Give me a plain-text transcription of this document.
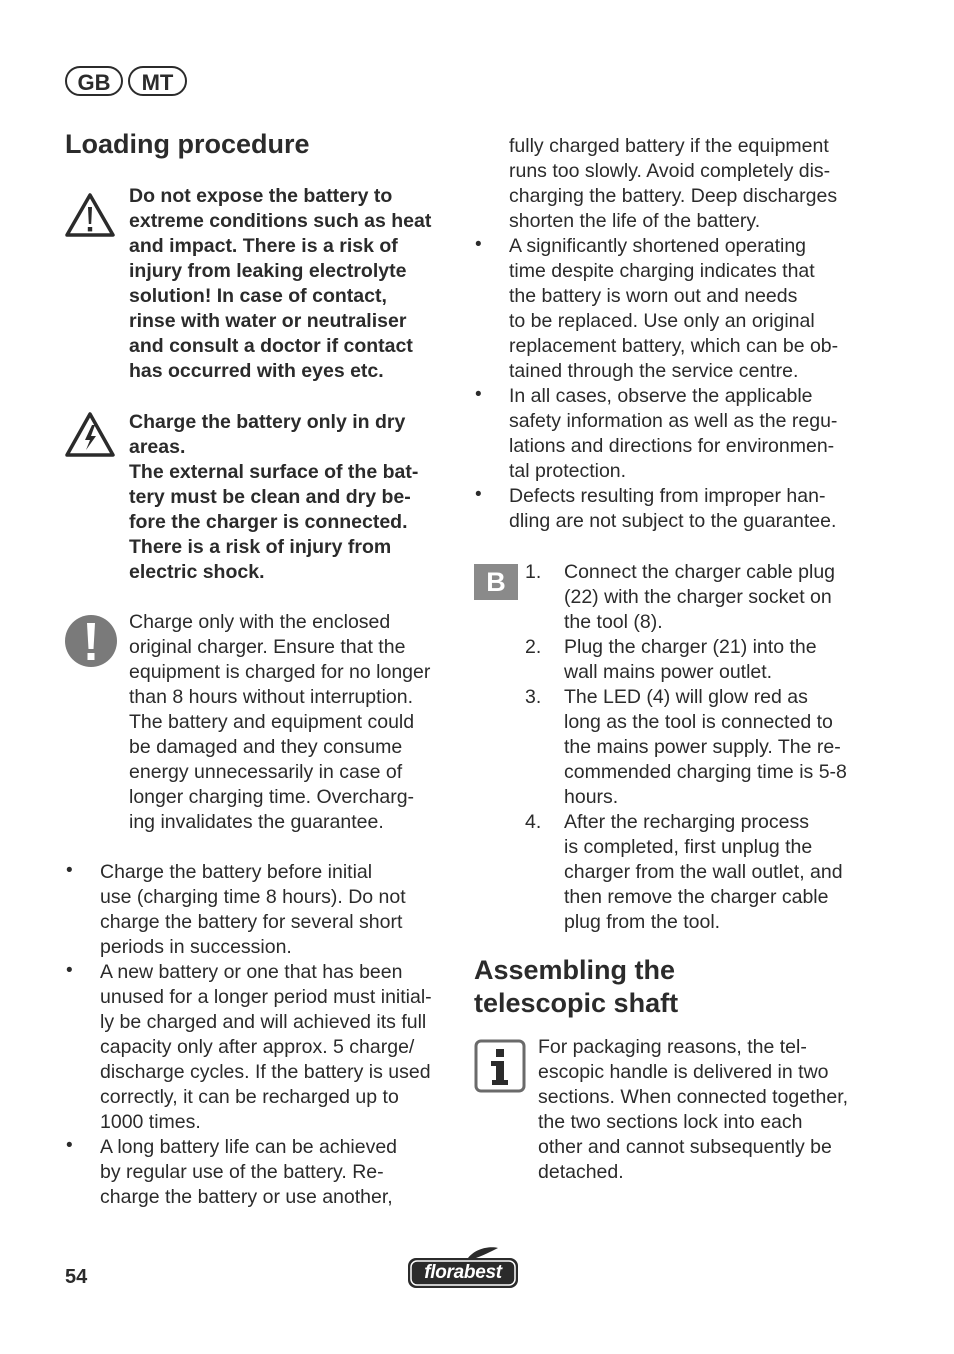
GB	MT
Loading procedure
Do not expose the battery to
extreme conditions such as heat
and impact. There is a risk of
injury from leaking electrolyte
solution! In case of contact,
rinse with water or neutraliser
and consult a doctor if contact
has occurred with eyes etc.
Charge the battery only in dry
areas.
The external surface of the bat-
tery must be clean and dry be-
fore the charger is connected.
There is a risk of injury from
electric shock.
Charge only with the enclosed
original charger. Ensure that the
equipment is charged for no longer
than 8 hours without interruption.
The battery and equipment could
be damaged and they consume
energy unnecessarily in case of
longer charging time. Overcharg-
ing invalidates the guarantee.
• Charge the battery before initial
use (charging time 8 hours). Do not
charge the battery for several short
periods in succession.
• A new battery or one that has been
unused for a longer period must initial-
ly be charged and will achieved its full
capacity only after approx. 5 charge/
discharge cycles. If the battery is used
correctly, it can be recharged up to
1000 times.
• A long battery life can be achieved
by regular use of the battery. Re-
charge the battery or use another,
fully charged battery if the equipment
runs too slowly. Avoid completely dis-
charging the battery. Deep discharges
shorten the life of the battery.
• A significantly shortened operating
time despite charging indicates that
the battery is worn out and needs
to be replaced. Use only an original
replacement battery, which can be ob-
tained through the service centre.
• In all cases, observe the applicable
safety information as well as the regu-
lations and directions for environmen-
tal protection.
• Defects resulting from improper han-
dling are not subject to the guarantee.
B 1. Connect the charger cable plug
(22) with the charger socket on
the tool (8).
2. Plug the charger (21) into the
wall mains power outlet.
3. The LED (4) will glow red as
long as the tool is connected to
the mains power supply. The re-
commended charging time is 5-8
hours.
4. After the recharging process
is completed, first unplug the
charger from the wall outlet, and
then remove the charger cable
plug from the tool.
Assembling the
telescopic shaft
For packaging reasons, the tel-
escopic handle is delivered in two
sections. When connected together,
the two sections lock into each
other and cannot subsequently be
detached.
54	florabest
